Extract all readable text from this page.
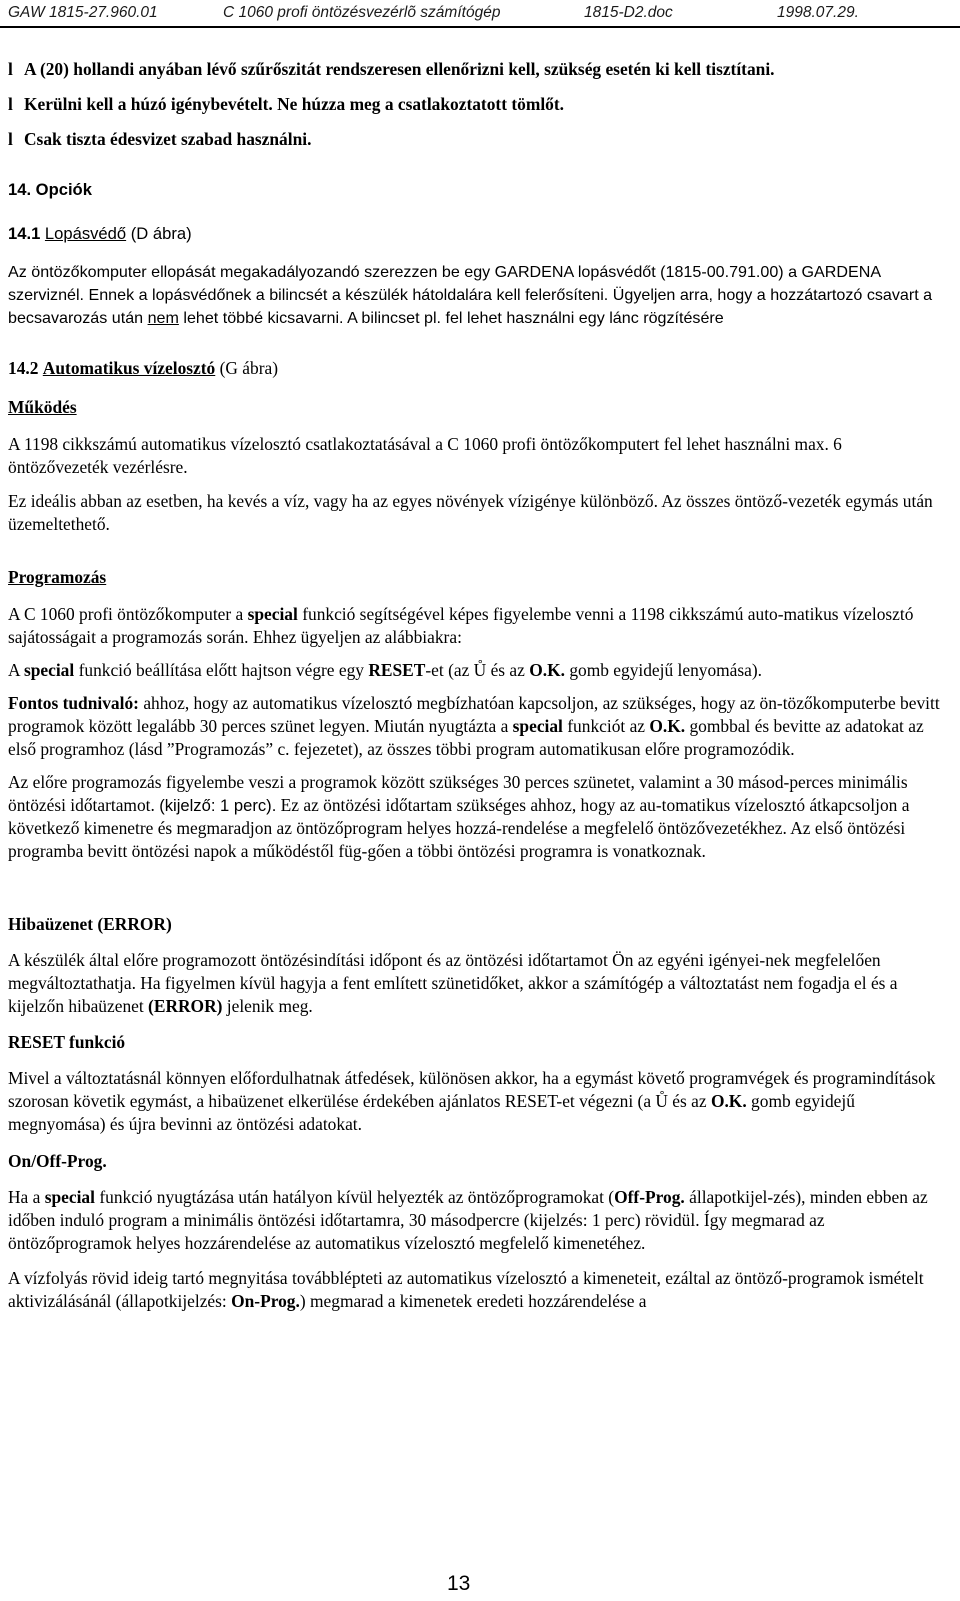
GAW 1815-27.960.01	C 1060 profi öntözésvezérlõ számítógép	1815-D2.doc	1998.07.29.

l A (20) hollandi anyában lévő szűrőszitát rendszeresen ellenőrizni kell, szükség esetén ki kell tisztítani.

l Kerülni kell a húzó igénybevételt. Ne húzza meg a csatlakoztatott tömlőt.

l Csak tiszta édesvizet szabad használni.

14. Opciók

14.1 Lopásvédő (D ábra)

Az öntözőkomputer ellopását megakadályozandó szerezzen be egy GARDENA lopásvédőt (1815-00.791.00) a GARDENA szerviznél. Ennek a lopásvédőnek a bilincsét a készülék hátoldalára kell felerősíteni. Ügyeljen arra, hogy a hozzátartozó csavart a becsavarozás után nem lehet többé kicsavarni. A bilincset pl. fel lehet használni egy lánc rögzítésére

14.2 Automatikus vízelosztó (G ábra)

Működés

A 1198 cikkszámú automatikus vízelosztó csatlakoztatásával a C 1060 profi öntözőkomputert fel lehet használni max. 6 öntözővezeték vezérlésre.

Ez ideális abban az esetben, ha kevés a víz, vagy ha az egyes növények vízigénye különböző. Az összes öntöző-vezeték egymás után üzemeltethető.

Programozás

A C 1060 profi öntözőkomputer a special funkció segítségével képes figyelembe venni a 1198 cikkszámú auto-matikus vízelosztó sajátosságait a programozás során. Ehhez ügyeljen az alábbiakra:

A special funkció beállítása előtt hajtson végre egy RESET-et (az Ů és az O.K. gomb egyidejű lenyomása).

Fontos tudnivaló: ahhoz, hogy az automatikus vízelosztó megbízhatóan kapcsoljon, az szükséges, hogy az ön-tözőkomputerbe bevitt programok között legalább 30 perces szünet legyen. Miután nyugtázta a special funkciót az O.K. gombbal és bevitte az adatokat az első programhoz (lásd ”Programozás” c. fejezetet), az összes többi program automatikusan előre programozódik.

Az előre programozás figyelembe veszi a programok között szükséges 30 perces szünetet, valamint a 30 másod-perces minimális öntözési időtartamot. (kijelző: 1 perc). Ez az öntözési időtartam szükséges ahhoz, hogy az au-tomatikus vízelosztó átkapcsoljon a következő kimenetre és megmaradjon az öntözőprogram helyes hozzá-rendelése a megfelelő öntözővezetékhez. Az első öntözési programba bevitt öntözési napok a működéstől füg-gően a többi öntözési programra is vonatkoznak.

Hibaüzenet (ERROR)

A készülék által előre programozott öntözésindítási időpont és az öntözési időtartamot Ön az egyéni igényei-nek megfelelően megváltoztathatja. Ha figyelmen kívül hagyja a fent említett szünetidőket, akkor a számítógép a változtatást nem fogadja el és a kijelzőn hibaüzenet (ERROR) jelenik meg.

RESET funkció

Mivel a változtatásnál könnyen előfordulhatnak átfedések, különösen akkor, ha a egymást követő programvégek és programindítások szorosan követik egymást, a hibaüzenet elkerülése érdekében ajánlatos RESET-et végezni (a Ů és az O.K. gomb egyidejű megnyomása) és újra bevinni az öntözési adatokat.

On/Off-Prog.

Ha a special funkció nyugtázása után hatályon kívül helyezték az öntözőprogramokat (Off-Prog. állapotkijel-zés), minden ebben az időben induló program a minimális öntözési időtartamra, 30 másodpercre (kijelzés: 1 perc) rövidül. Így megmarad az öntözőprogramok helyes hozzárendelése az automatikus vízelosztó megfelelő kimenetéhez.

A vízfolyás rövid ideig tartó megnyitása továbblépteti az automatikus vízelosztó a kimeneteit, ezáltal az öntöző-programok ismételt aktivizálásánál (állapotkijelzés: On-Prog.) megmarad a kimenetek eredeti hozzárendelése a

13
